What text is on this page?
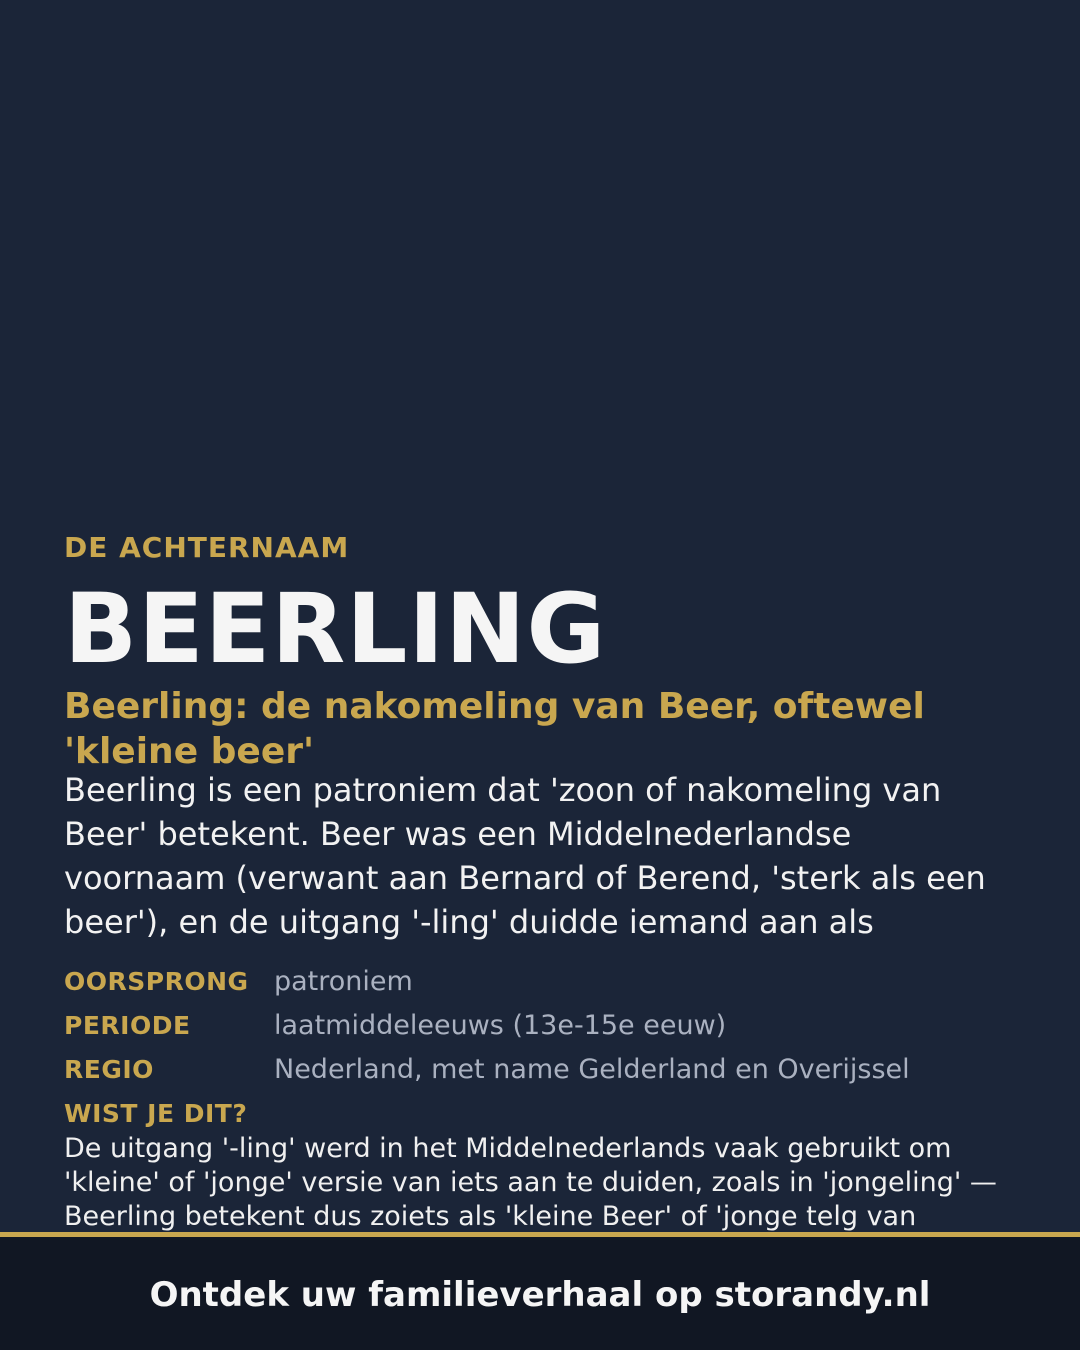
DE ACHTERNAAM

BEERLING
Beerling: de nakomeling van Beer, oftewel 'kleine beer'

Beerling is een patroniem dat 'zoon of nakomeling van Beer' betekent. Beer was een Middelnederlandse voornaam (verwant aan Bernard of Berend, 'sterk als een beer'), en de uitgang '-ling' duidde iemand aan als

OORSPRONG patroniem
PERIODE	laatmiddeleeuws (13e-15e eeuw)
REGIO	Nederland, met name Gelderland en Overijssel

WIST JE DIT?

De uitgang '-ling' werd in het Middelnederlands vaak gebruikt om 'kleine' of 'jonge' versie van iets aan te duiden, zoals in 'jongeling' — Beerling betekent dus zoiets als 'kleine Beer' of 'jonge telg van

Ontdek uw familieverhaal op storandy.nl
